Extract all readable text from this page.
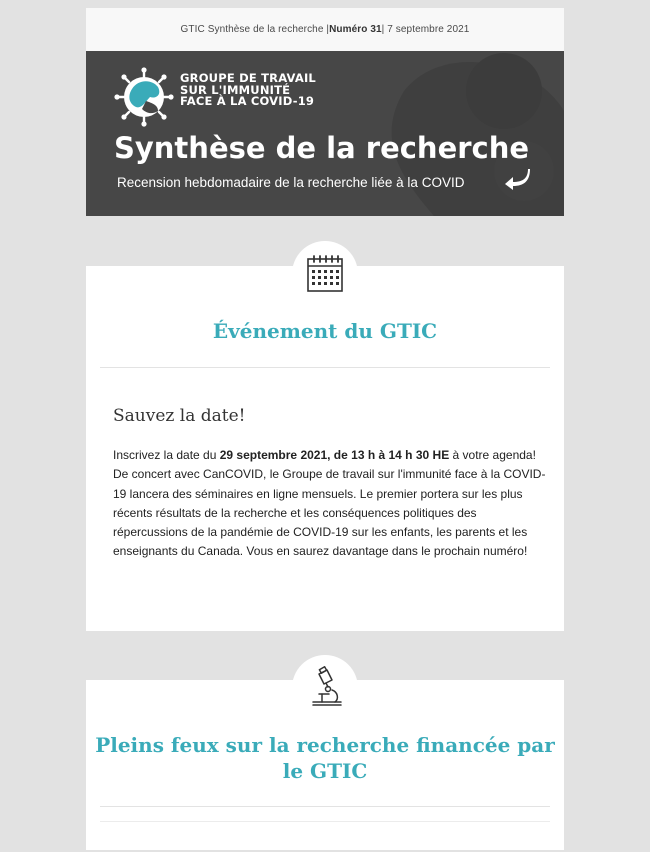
GTIC Synthèse de la recherche | Numéro 31 | 7 septembre 2021
GROUPE DE TRAVAIL
SUR L'IMMUNITÉ
FACE À LA COVID-19
Synthèse de la recherche
Recension hebdomadaire de la recherche liée à la COVID
Événement du GTIC
Sauvez la date!
Inscrivez la date du 29 septembre 2021, de 13 h à 14 h 30 HE à votre agenda! De concert avec CanCOVID, le Groupe de travail sur l'immunité face à la COVID-19 lancera des séminaires en ligne mensuels. Le premier portera sur les plus récents résultats de la recherche et les conséquences politiques des répercussions de la pandémie de COVID-19 sur les enfants, les parents et les enseignants du Canada. Vous en saurez davantage dans le prochain numéro!
Pleins feux sur la recherche financée par
le GTIC
